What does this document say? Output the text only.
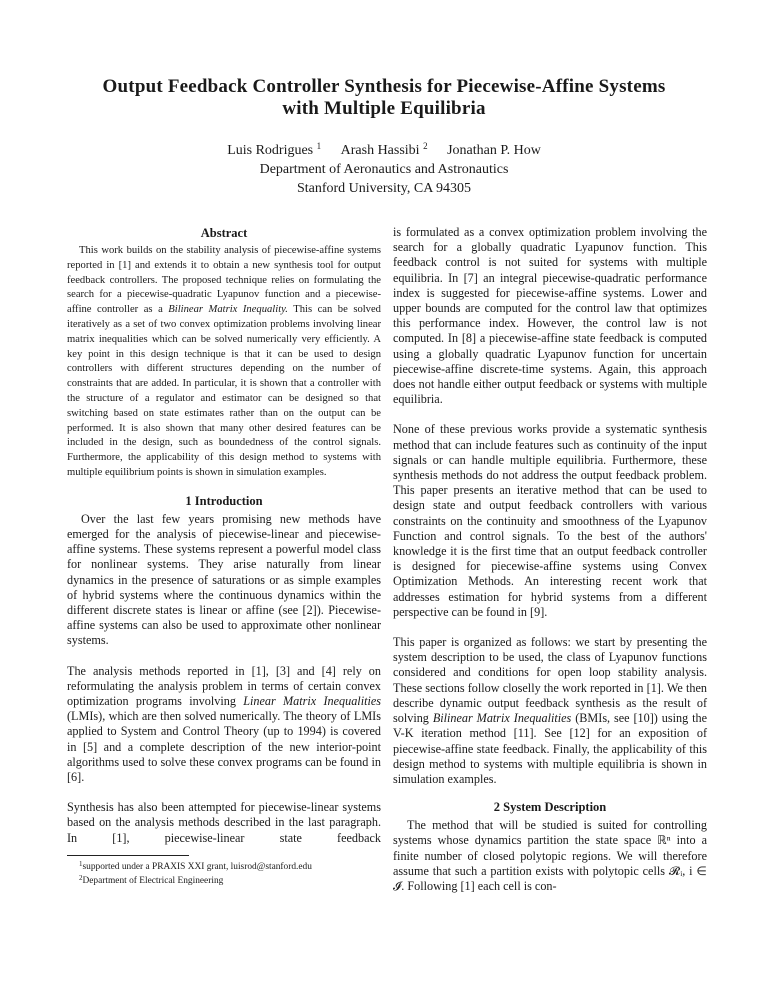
Output Feedback Controller Synthesis for Piecewise-Affine Systems
with Multiple Equilibria
Luis Rodrigues $^1$ Arash Hassibi $^2$ Jonathan P. How
Department of Aeronautics and Astronautics
Stanford University, CA 94305
Abstract

This work builds on the stability analysis of piecewise-affine systems reported in [1] and extends it to obtain a new synthesis tool for output feedback controllers. The proposed technique relies on formulating the search for a piecewise-quadratic Lyapunov function and a piecewise-affine controller as a Bilinear Matrix Inequality. This can be solved iteratively as a set of two convex optimization problems involving linear matrix inequalities which can be solved numerically very efficiently. A key point in this design technique is that it can be used to design controllers with different structures depending on the number of constraints that are added. In particular, it is shown that a controller with the structure of a regulator and estimator can be designed so that switching based on state estimates rather than on the output can be performed. It is also shown that many other desired features can be included in the design, such as boundedness of the control signals. Furthermore, the applicability of this design method to systems with multiple equilibrium points is shown in simulation examples.

1 Introduction

Over the last few years promising new methods have emerged for the analysis of piecewise-linear and piecewise-affine systems. These systems represent a powerful model class for nonlinear systems. They arise naturally from linear dynamics in the presence of saturations or as simple examples of hybrid systems where the continuous dynamics within the different discrete states is linear or affine (see [2]). Piecewise-affine systems can also be used to approximate other nonlinear systems.

The analysis methods reported in [1], [3] and [4] rely on reformulating the analysis problem in terms of certain convex optimization programs involving Linear Matrix Inequalities (LMIs), which are then solved numerically. The theory of LMIs applied to System and Control Theory (up to 1994) is covered in [5] and a complete description of the new interior-point algorithms used to solve these convex programs can be found in [6].

Synthesis has also been attempted for piecewise-linear systems based on the analysis methods described in the last paragraph. In [1], piecewise-linear state feedback

$^1$supported under a PRAXIS XXI grant, luisrod@stanford.edu
$^2$Department of Electrical Engineering

is formulated as a convex optimization problem involving the search for a globally quadratic Lyapunov function. This feedback control is not suited for systems with multiple equilibria. In [7] an integral piecewise-quadratic performance index is suggested for piecewise-affine systems. Lower and upper bounds are computed for the control law that optimizes this performance index. However, the control law is not computed. In [8] a piecewise-affine state feedback is computed using a globally quadratic Lyapunov function for uncertain piecewise-affine discrete-time systems. Again, this approach does not handle either output feedback or systems with multiple equilibria.

None of these previous works provide a systematic synthesis method that can include features such as continuity of the input signals or can handle multiple equilibria. Furthermore, these synthesis methods do not address the output feedback problem. This paper presents an iterative method that can be used to design state and output feedback controllers with various constraints on the continuity and smoothness of the Lyapunov Function and control signals. To the best of the authors' knowledge it is the first time that an output feedback controller is designed for piecewise-affine systems using Convex Optimization Methods. An interesting recent work that addresses estimation for hybrid systems from a different perspective can be found in [9].

This paper is organized as follows: we start by presenting the system description to be used, the class of Lyapunov functions considered and conditions for open loop stability analysis. These sections follow closelly the work reported in [1]. We then describe dynamic output feedback synthesis as the result of solving Bilinear Matrix Inequalities (BMIs, see [10]) using the V-K iteration method [11]. See [12] for an exposition of piecewise-affine state feedback. Finally, the applicability of this design method to systems with multiple equilibria is shown in simulation examples.

2 System Description

The method that will be studied is suited for controlling systems whose dynamics partition the state space ℝⁿ into a finite number of closed polytopic regions. We will therefore assume that such a partition exists with polytopic cells 𝓡ᵢ, i ∈ 𝓘. Following [1] each cell is con-
